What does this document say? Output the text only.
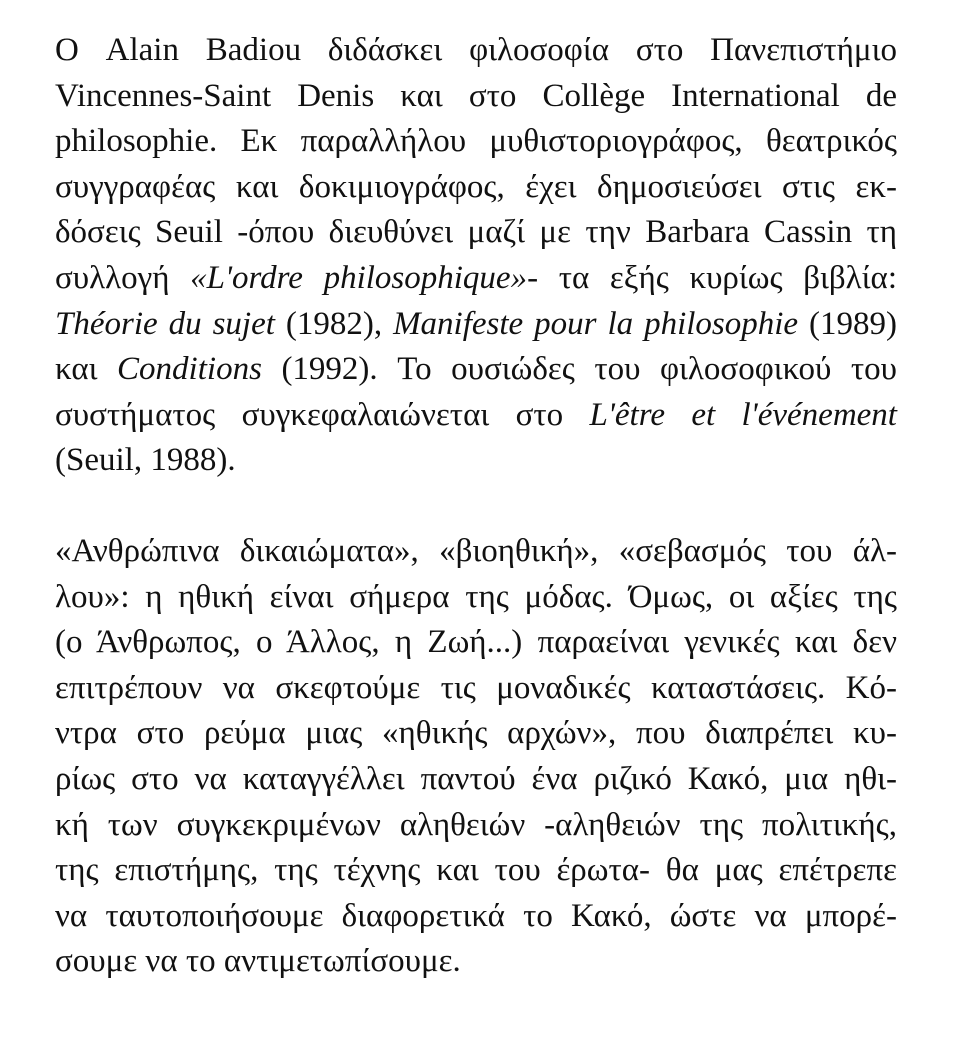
Ο Alain Badiou διδάσκει φιλοσοφία στο Πανεπιστήμιο
Vincennes-Saint Denis και στο Collège International de
philosophie. Εκ παραλλήλου μυθιστοριογράφος, θεατρικός
συγγραφέας και δοκιμιογράφος, έχει δημοσιεύσει στις εκ-
δόσεις Seuil -όπου διευθύνει μαζί με την Barbara Cassin τη
συλλογή «L'ordre philosophique»- τα εξής κυρίως βιβλία:
Théorie du sujet (1982), Manifeste pour la philosophie (1989)
και Conditions (1992). Το ουσιώδες του φιλοσοφικού του
συστήματος συγκεφαλαιώνεται στο L'être et l'événement
(Seuil, 1988).
«Ανθρώπινα δικαιώματα», «βιοηθική», «σεβασμός του άλ-
λου»: η ηθική είναι σήμερα της μόδας. Όμως, οι αξίες της
(ο Άνθρωπος, ο Άλλος, η Ζωή...) παραείναι γενικές και δεν
επιτρέπουν να σκεφτούμε τις μοναδικές καταστάσεις. Κό-
ντρα στο ρεύμα μιας «ηθικής αρχών», που διαπρέπει κυ-
ρίως στο να καταγγέλλει παντού ένα ριζικό Κακό, μια ηθι-
κή των συγκεκριμένων αληθειών -αληθειών της πολιτικής,
της επιστήμης, της τέχνης και του έρωτα- θα μας επέτρεπε
να ταυτοποιήσουμε διαφορετικά το Κακό, ώστε να μπορέ-
σουμε να το αντιμετωπίσουμε.
